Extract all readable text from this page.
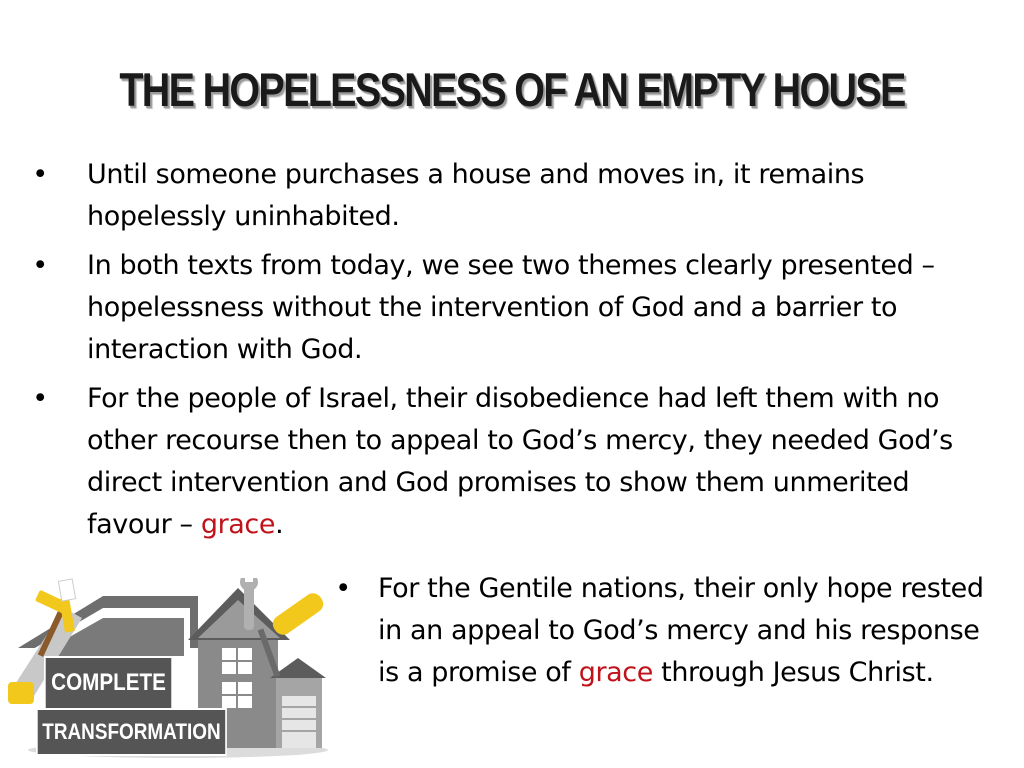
THE HOPELESSNESS OF AN EMPTY HOUSE
• Until someone purchases a house and moves in, it remains hopelessly uninhabited.
• In both texts from today, we see two themes clearly presented – hopelessness without the intervention of God and a barrier to interaction with God.
• For the people of Israel, their disobedience had left them with no other recourse then to appeal to God’s mercy, they needed God’s direct intervention and God promises to show them unmerited favour – grace.
• For the Gentile nations, their only hope rested in an appeal to God’s mercy and his response is a promise of grace through Jesus Christ.
COMPLETE
TRANSFORMATION
